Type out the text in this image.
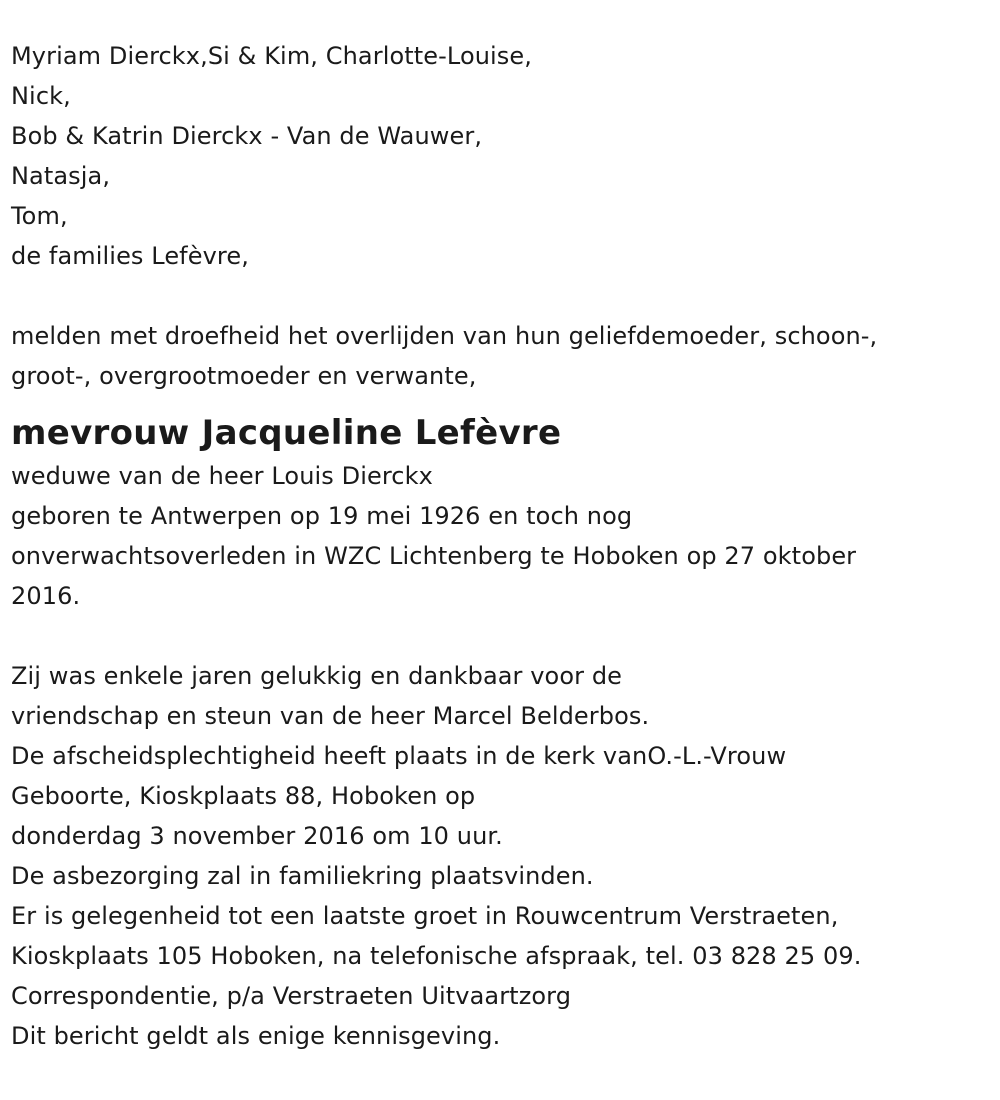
Myriam Dierckx,Si & Kim, Charlotte-Louise,
Nick,
Bob & Katrin Dierckx - Van de Wauwer,
Natasja,
Tom,
de families Lefèvre,
melden met droefheid het overlijden van hun geliefdemoeder, schoon-,
groot-, overgrootmoeder en verwante,
mevrouw Jacqueline Lefèvre
weduwe van de heer Louis Dierckx
geboren te Antwerpen op 19 mei 1926 en toch nog
onverwachtsoverleden in WZC Lichtenberg te Hoboken op 27 oktober
2016.
Zij was enkele jaren gelukkig en dankbaar voor de
vriendschap en steun van de heer Marcel Belderbos.
De afscheidsplechtigheid heeft plaats in de kerk vanO.-L.-Vrouw
Geboorte, Kioskplaats 88, Hoboken op
donderdag 3 november 2016 om 10 uur.
De asbezorging zal in familiekring plaatsvinden.
Er is gelegenheid tot een laatste groet in Rouwcentrum Verstraeten,
Kioskplaats 105 Hoboken, na telefonische afspraak, tel. 03 828 25 09.
Correspondentie, p/a Verstraeten Uitvaartzorg
Dit bericht geldt als enige kennisgeving.
